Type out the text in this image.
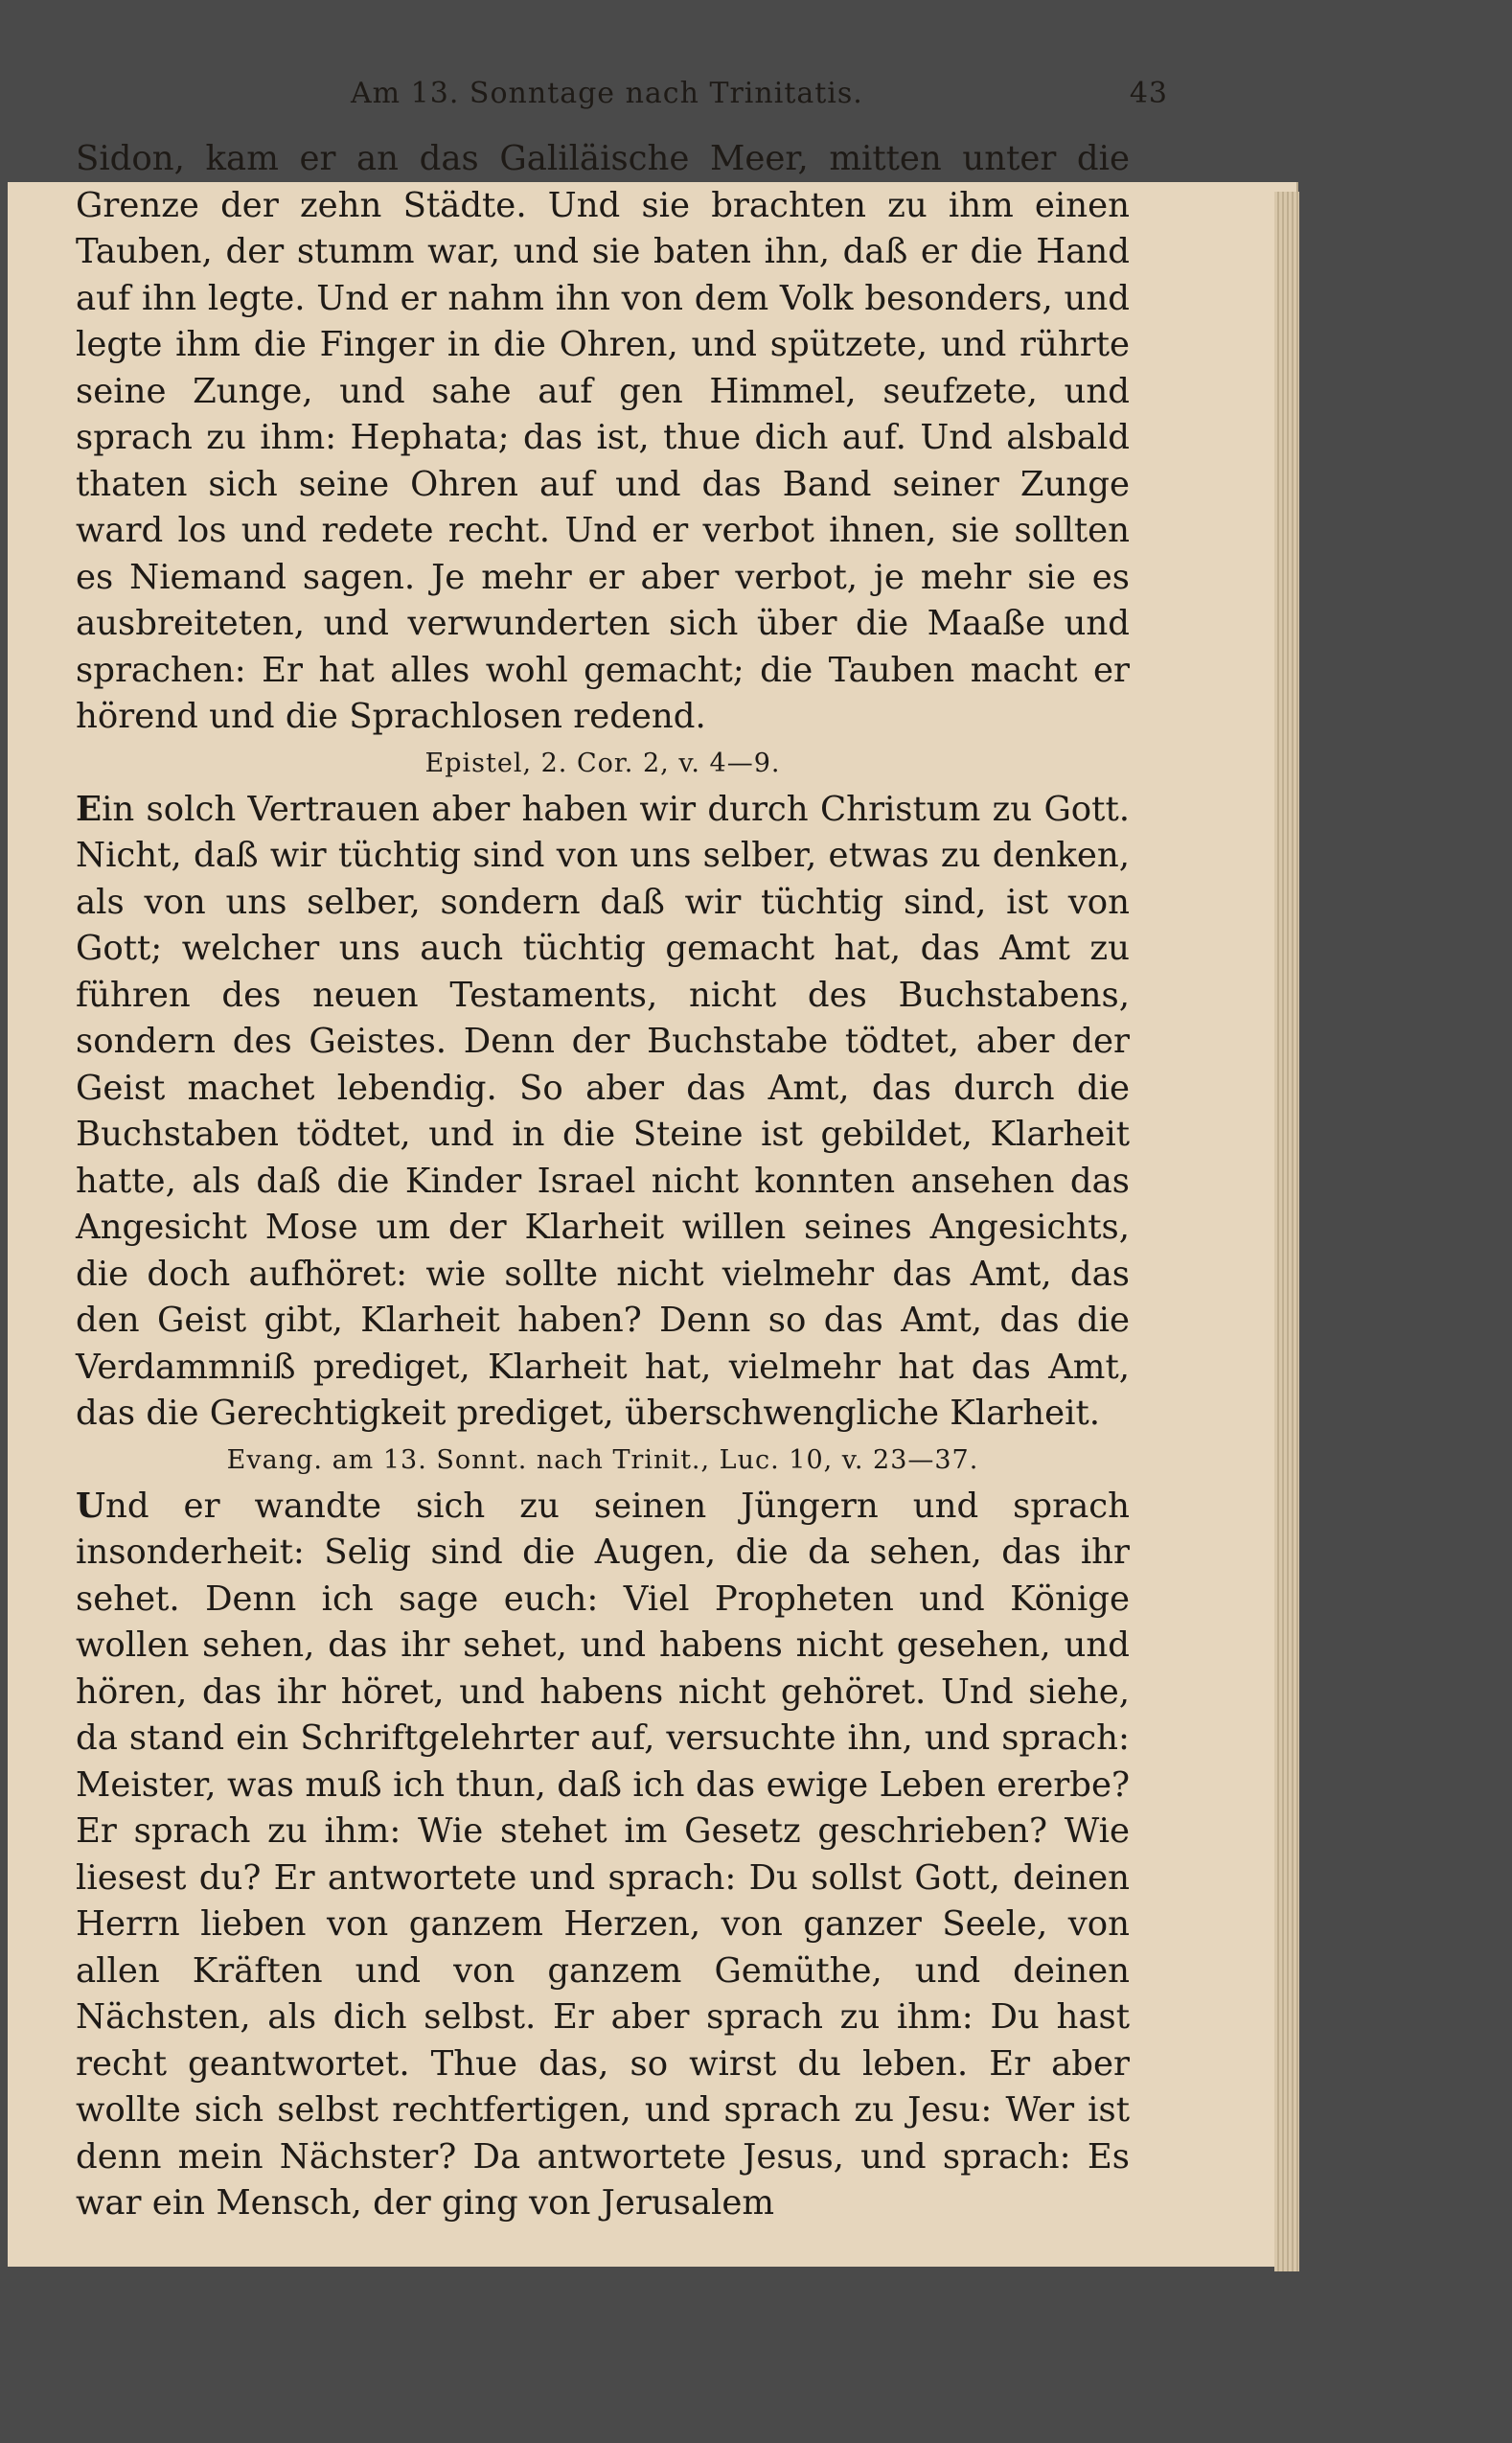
Am 13. Sonntage nach Trinitatis.	43

Sidon, kam er an das Galiläische Meer, mitten unter die Grenze der zehn Städte. Und sie brachten zu ihm einen Tauben, der stumm war, und sie baten ihn, daß er die Hand auf ihn legte. Und er nahm ihn von dem Volk besonders, und legte ihm die Finger in die Ohren, und spützete, und rührte seine Zunge, und sahe auf gen Himmel, seufzete, und sprach zu ihm: Hephata; das ist, thue dich auf. Und alsbald thaten sich seine Ohren auf und das Band seiner Zunge ward los und redete recht. Und er verbot ihnen, sie sollten es Niemand sagen. Je mehr er aber verbot, je mehr sie es ausbreiteten, und verwunderten sich über die Maaße und sprachen: Er hat alles wohl gemacht; die Tauben macht er hörend und die Sprachlosen redend.

Epistel, 2. Cor. 2, v. 4—9.

Ein solch Vertrauen aber haben wir durch Christum zu Gott. Nicht, daß wir tüchtig sind von uns selber, etwas zu denken, als von uns selber, sondern daß wir tüchtig sind, ist von Gott; welcher uns auch tüchtig gemacht hat, das Amt zu führen des neuen Testaments, nicht des Buchstabens, sondern des Geistes. Denn der Buchstabe tödtet, aber der Geist machet lebendig. So aber das Amt, das durch die Buchstaben tödtet, und in die Steine ist gebildet, Klarheit hatte, als daß die Kinder Israel nicht konnten ansehen das Angesicht Mose um der Klarheit willen seines Angesichts, die doch aufhöret: wie sollte nicht vielmehr das Amt, das den Geist gibt, Klarheit haben? Denn so das Amt, das die Verdammniß prediget, Klarheit hat, vielmehr hat das Amt, das die Gerechtigkeit prediget, überschwengliche Klarheit.

Evang. am 13. Sonnt. nach Trinit., Luc. 10, v. 23—37.

Und er wandte sich zu seinen Jüngern und sprach insonderheit: Selig sind die Augen, die da sehen, das ihr sehet. Denn ich sage euch: Viel Propheten und Könige wollen sehen, das ihr sehet, und habens nicht gesehen, und hören, das ihr höret, und habens nicht gehöret. Und siehe, da stand ein Schriftgelehrter auf, versuchte ihn, und sprach: Meister, was muß ich thun, daß ich das ewige Leben ererbe? Er sprach zu ihm: Wie stehet im Gesetz geschrieben? Wie liesest du? Er antwortete und sprach: Du sollst Gott, deinen Herrn lieben von ganzem Herzen, von ganzer Seele, von allen Kräften und von ganzem Gemüthe, und deinen Nächsten, als dich selbst. Er aber sprach zu ihm: Du hast recht geantwortet. Thue das, so wirst du leben. Er aber wollte sich selbst rechtfertigen, und sprach zu Jesu: Wer ist denn mein Nächster? Da antwortete Jesus, und sprach: Es war ein Mensch, der ging von Jerusalem
